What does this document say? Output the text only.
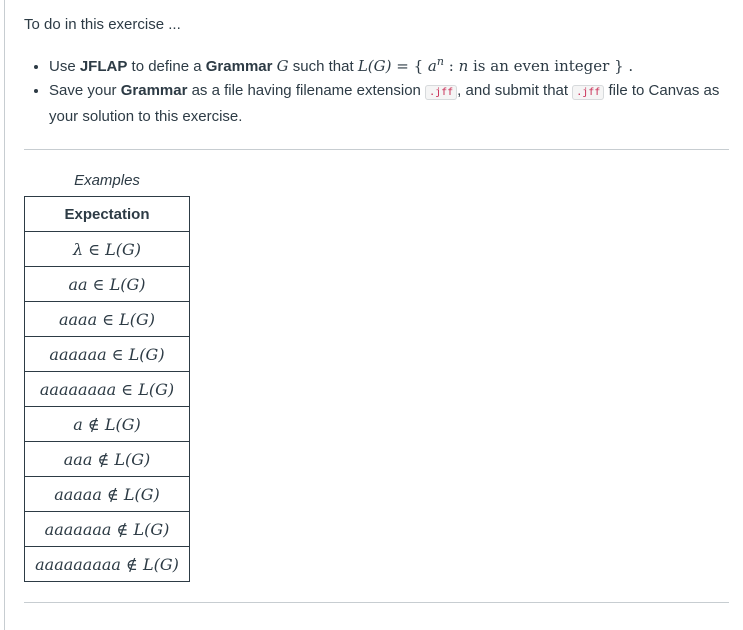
To do in this exercise ...

• Use JFLAP to define a Grammar G such that L(G) = { $a^n$ : n is an even integer } .
• Save your Grammar as a file having filename extension .jff , and submit that .jff file to Canvas as your solution to this exercise.
Examples
Expectation
λ ∈ L(G)
aa ∈ L(G)
aaaa ∈ L(G)
aaaaaa ∈ L(G)
aaaaaaaa ∈ L(G)
a ∉ L(G)
aaa ∉ L(G)
aaaaa ∉ L(G)
aaaaaaa ∉ L(G)
aaaaaaaaa ∉ L(G)
